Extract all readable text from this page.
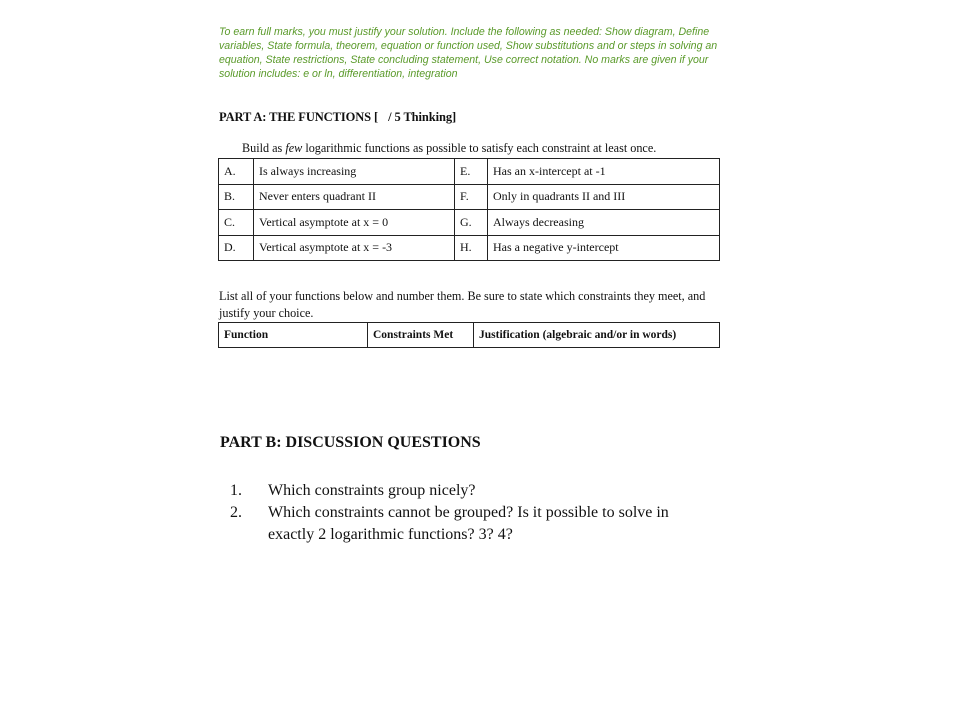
To earn full marks, you must justify your solution. Include the following as needed: Show diagram, Define variables, State formula, theorem, equation or function used, Show substitutions and or steps in solving an equation, State restrictions, State concluding statement, Use correct notation. No marks are given if your solution includes: e or ln, differentiation, integration
PART A: THE FUNCTIONS [ / 5 Thinking]
Build as few logarithmic functions as possible to satisfy each constraint at least once.
A.	Is always increasing	E.	Has an x-intercept at -1
B.	Never enters quadrant II	F.	Only in quadrants II and III
C.	Vertical asymptote at x = 0	G.	Always decreasing
D.	Vertical asymptote at x = -3	H.	Has a negative y-intercept
List all of your functions below and number them. Be sure to state which constraints they meet, and justify your choice.
Function	Constraints Met	Justification (algebraic and/or in words)
PART B: DISCUSSION QUESTIONS
1.	Which constraints group nicely?
2.	Which constraints cannot be grouped? Is it possible to solve in exactly 2 logarithmic functions? 3? 4?
